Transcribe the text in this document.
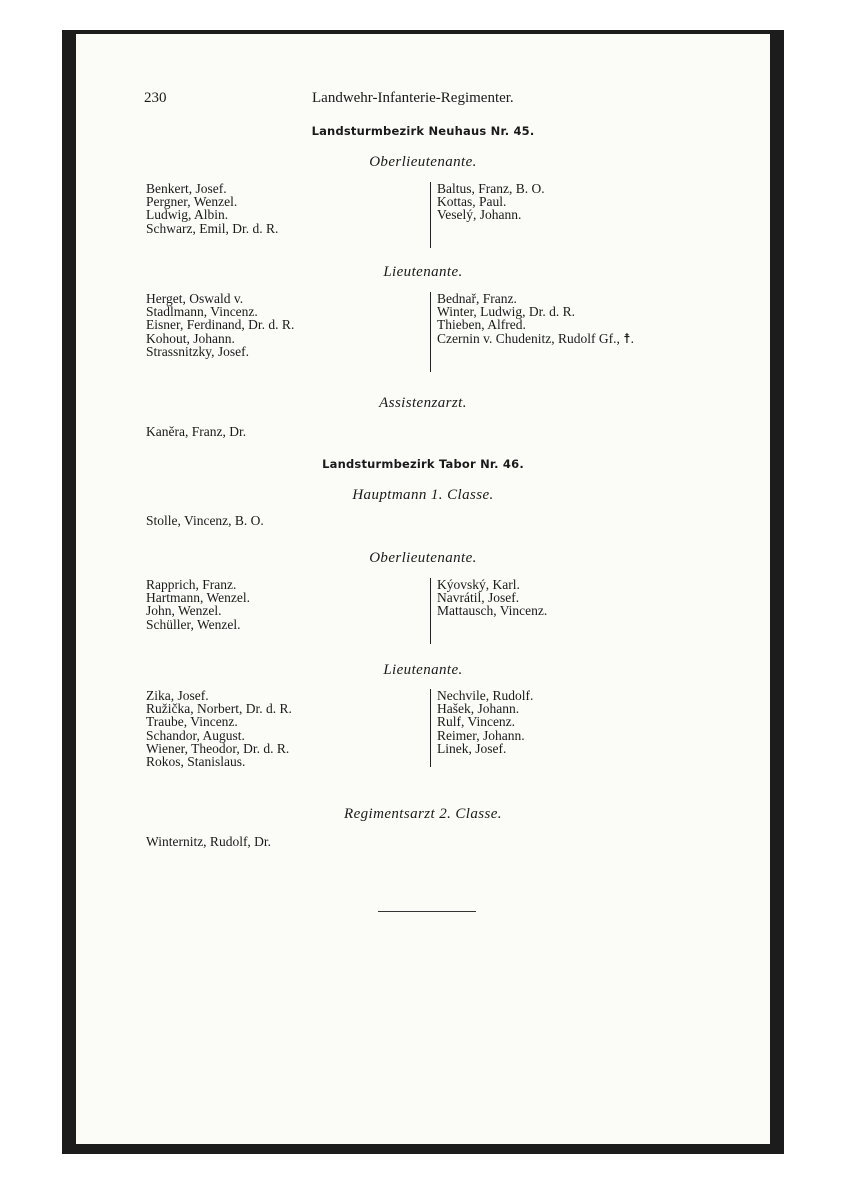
230	Landwehr-Infanterie-Regimenter.
Landsturmbezirk Neuhaus Nr. 45.
Oberlieutenante.
Benkert, Josef.
Pergner, Wenzel.
Ludwig, Albin.
Schwarz, Emil, Dr. d. R.
Baltus, Franz, B. O.
Kottas, Paul.
Veselý, Johann.
Lieutenante.
Herget, Oswald v.
Stadlmann, Vincenz.
Eisner, Ferdinand, Dr. d. R.
Kohout, Johann.
Strassnitzky, Josef.
Bednař, Franz.
Winter, Ludwig, Dr. d. R.
Thieben, Alfred.
Czernin v. Chudenitz, Rudolf Gf., ☨.
Assistenzarzt.
Kaněra, Franz, Dr.
Landsturmbezirk Tabor Nr. 46.
Hauptmann 1. Classe.
Stolle, Vincenz, B. O.
Oberlieutenante.
Rapprich, Franz.
Hartmann, Wenzel.
John, Wenzel.
Schüller, Wenzel.
Kýovský, Karl.
Navrátil, Josef.
Mattausch, Vincenz.
Lieutenante.
Zika, Josef.
Ružička, Norbert, Dr. d. R.
Traube, Vincenz.
Schandor, August.
Wiener, Theodor, Dr. d. R.
Rokos, Stanislaus.
Nechvile, Rudolf.
Hašek, Johann.
Rulf, Vincenz.
Reimer, Johann.
Linek, Josef.
Regimentsarzt 2. Classe.
Winternitz, Rudolf, Dr.
